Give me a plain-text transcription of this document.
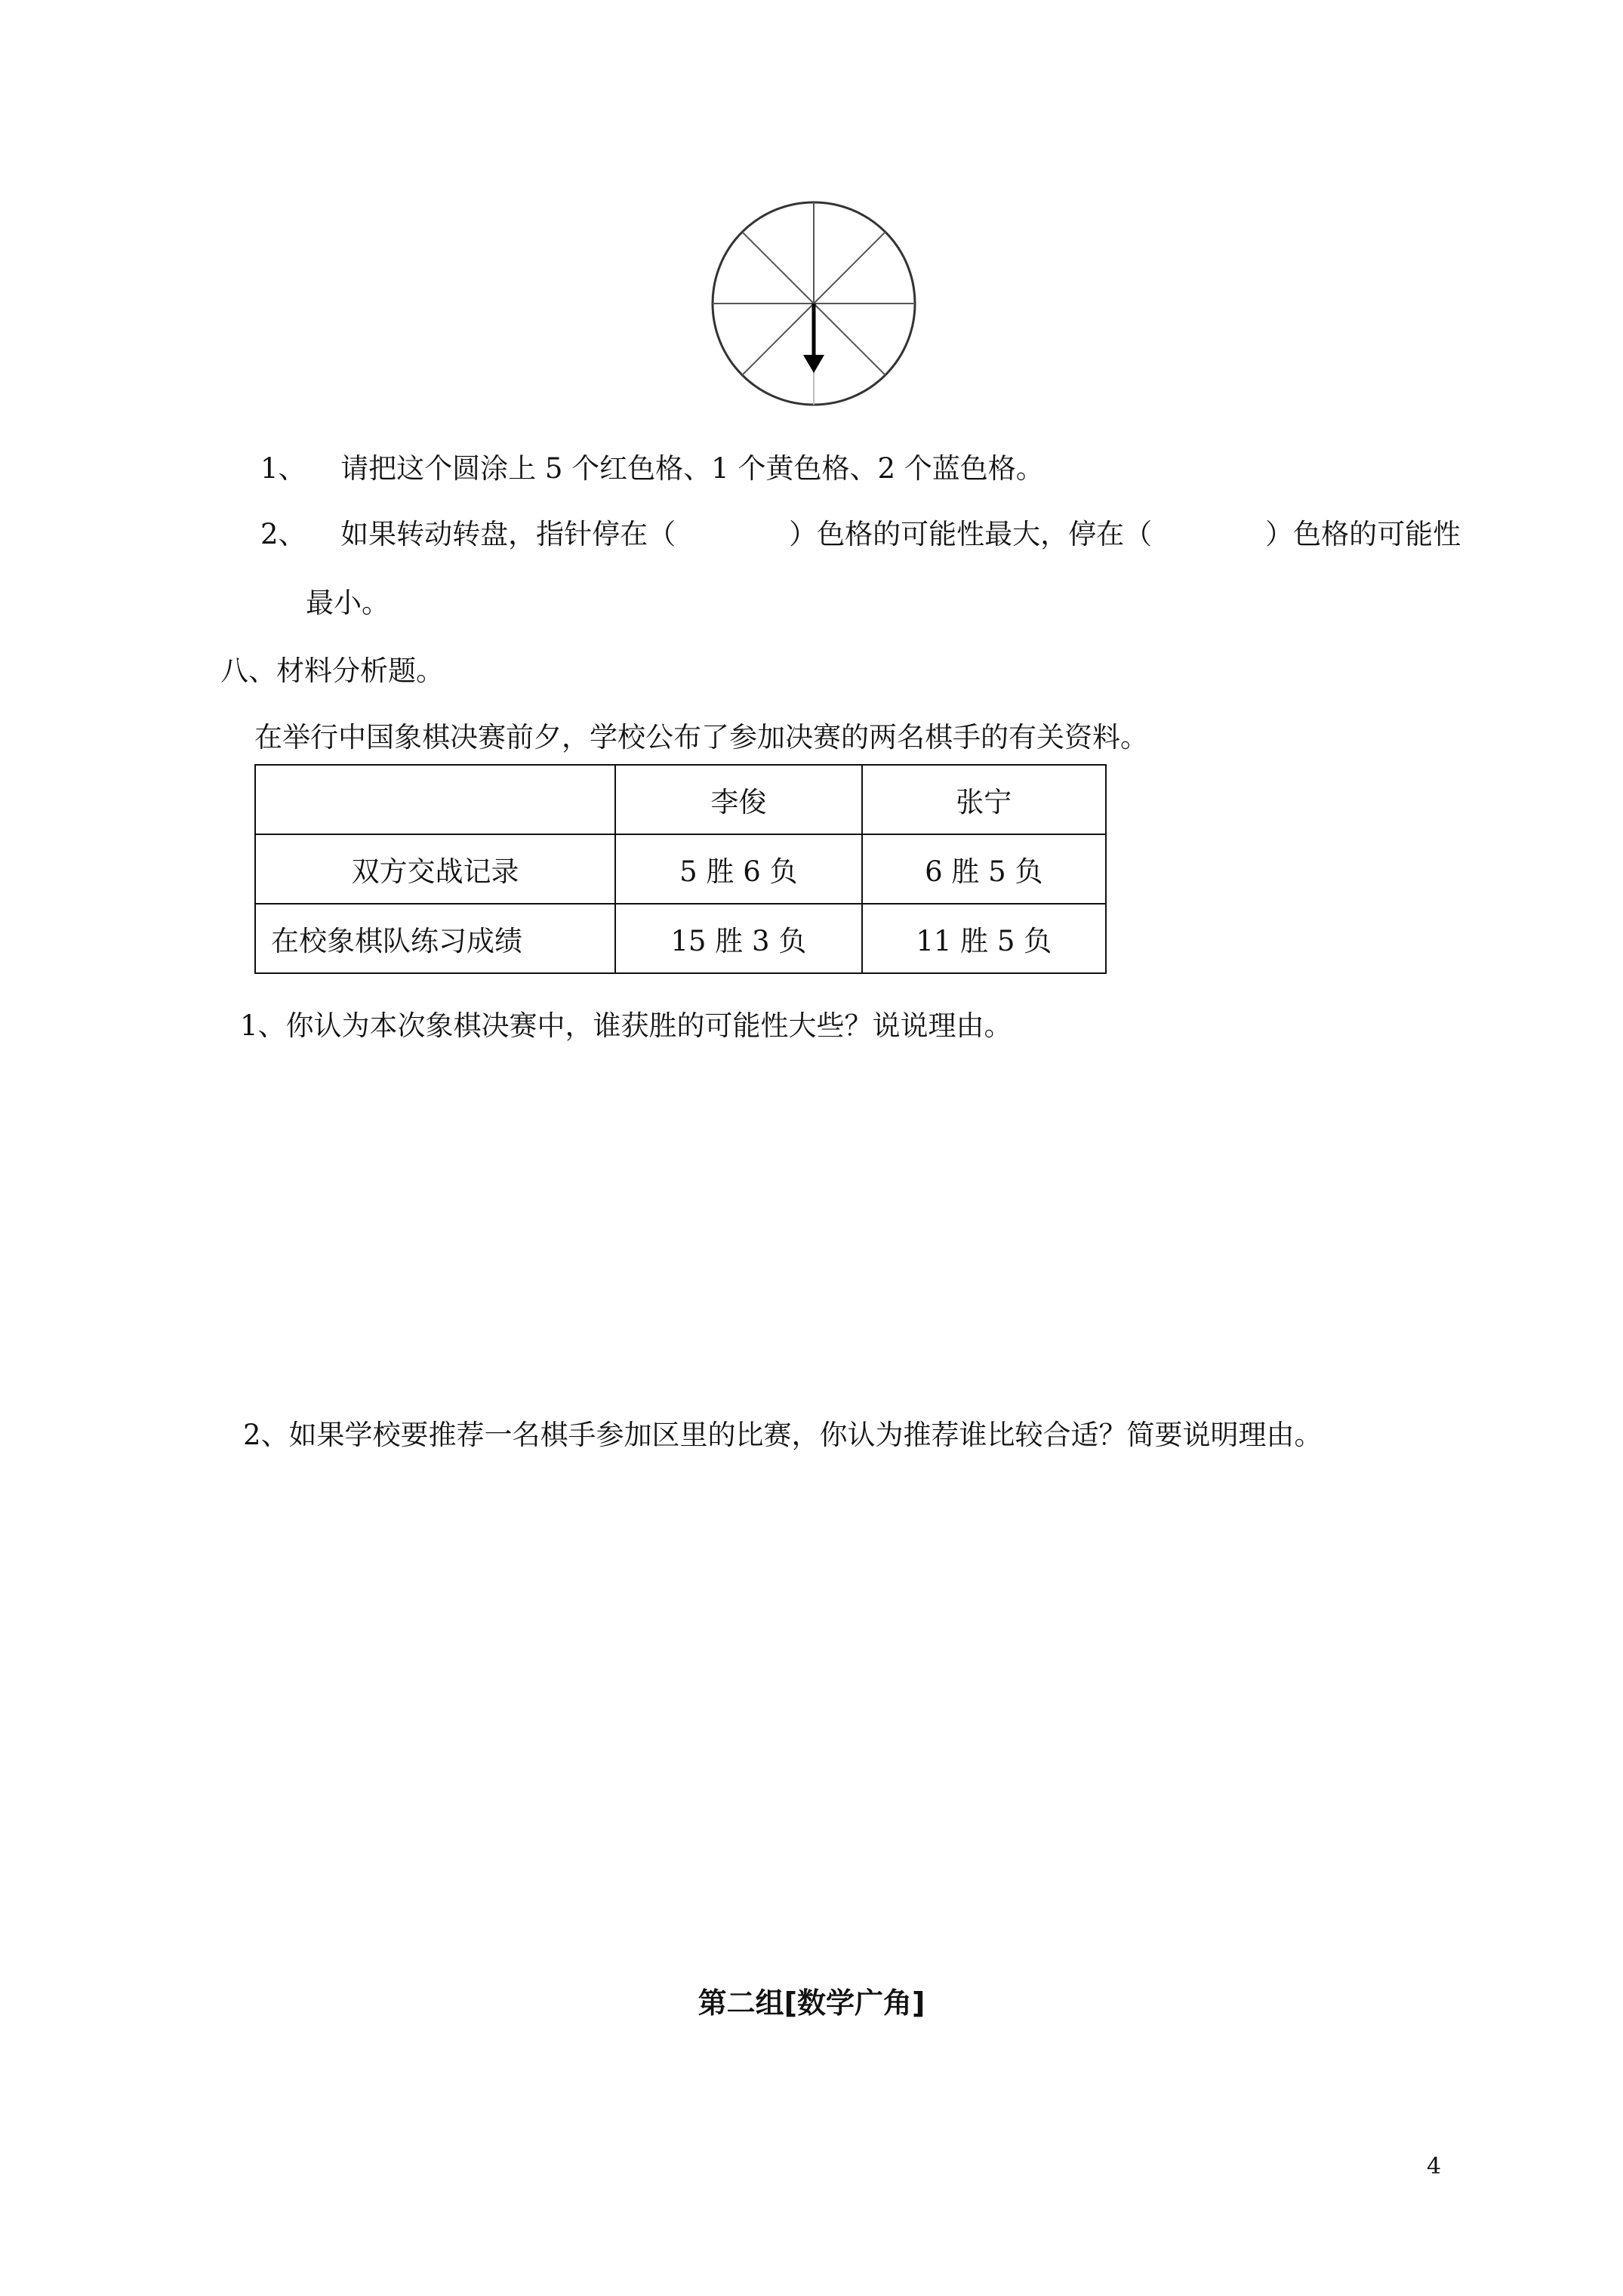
1、 请把这个圆涂上 5 个红色格、1 个黄色格、2 个蓝色格。
2、 如果转动转盘，指针停在（	）色格的可能性最大，停在（	）色格的可能性
最小。
八、材料分析题。
在举行中国象棋决赛前夕，学校公布了参加决赛的两名棋手的有关资料。
	李俊	张宁
双方交战记录	5 胜 6 负	6 胜 5 负
在校象棋队练习成绩	15 胜 3 负	11 胜 5 负
1、你认为本次象棋决赛中，谁获胜的可能性大些？说说理由。
2、如果学校要推荐一名棋手参加区里的比赛，你认为推荐谁比较合适？简要说明理由。
第二组[数学广角]
4
